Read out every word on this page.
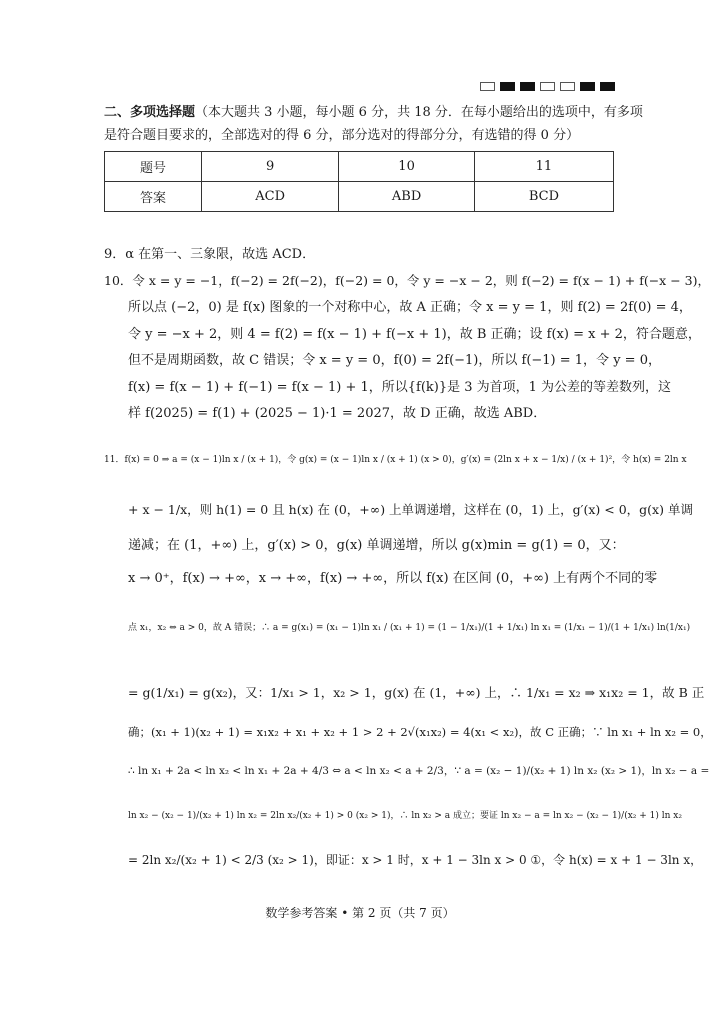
二、多项选择题（本大题共 3 小题，每小题 6 分，共 18 分．在每小题给出的选项中，有多项
是符合题目要求的，全部选对的得 6 分，部分选对的得部分分，有选错的得 0 分）
题号	9	10	11
答案	ACD	ABD	BCD
9．α 在第一、三象限，故选 ACD．
10．令 x = y = −1，f(−2) = 2f(−2)，f(−2) = 0，令 y = −x − 2，则 f(−2) = f(x − 1) + f(−x − 3)，
所以点 (−2，0) 是 f(x) 图象的一个对称中心，故 A 正确；令 x = y = 1，则 f(2) = 2f(0) = 4，
令 y = −x + 2，则 4 = f(2) = f(x − 1) + f(−x + 1)，故 B 正确；设 f(x) = x + 2，符合题意，
但不是周期函数，故 C 错误；令 x = y = 0，f(0) = 2f(−1)，所以 f(−1) = 1，令 y = 0，
f(x) = f(x − 1) + f(−1) = f(x − 1) + 1，所以{f(k)}是 3 为首项，1 为公差的等差数列，这
样 f(2025) = f(1) + (2025 − 1)·1 = 2027，故 D 正确，故选 ABD．
11．f(x) = 0 ⇒ a = (x − 1)ln x / (x + 1)，令 g(x) = (x − 1)ln x / (x + 1) (x > 0)，g′(x) = (2ln x + x − 1/x) / (x + 1)²，令 h(x) = 2ln x
+ x − 1/x，则 h(1) = 0 且 h(x) 在 (0，+∞) 上单调递增，这样在 (0，1) 上，g′(x) < 0，g(x) 单调
递减；在 (1，+∞) 上，g′(x) > 0，g(x) 单调递增，所以 g(x)min = g(1) = 0，又：
x → 0⁺，f(x) → +∞，x → +∞，f(x) → +∞，所以 f(x) 在区间 (0，+∞) 上有两个不同的零
点 x₁，x₂ ⇔ a > 0，故 A 错误；∴ a = g(x₁) = (x₁ − 1)ln x₁ / (x₁ + 1) = (1 − 1/x₁)/(1 + 1/x₁) ln x₁ = (1/x₁ − 1)/(1 + 1/x₁) ln(1/x₁)
= g(1/x₁) = g(x₂)，又：1/x₁ > 1，x₂ > 1，g(x) 在 (1，+∞) 上，∴ 1/x₁ = x₂ ⇒ x₁x₂ = 1，故 B 正
确；(x₁ + 1)(x₂ + 1) = x₁x₂ + x₁ + x₂ + 1 > 2 + 2√(x₁x₂) = 4(x₁ < x₂)，故 C 正确；∵ ln x₁ + ln x₂ = 0，
∴ ln x₁ + 2a < ln x₂ < ln x₁ + 2a + 4/3 ⇔ a < ln x₂ < a + 2/3，∵ a = (x₂ − 1)/(x₂ + 1) ln x₂ (x₂ > 1)，ln x₂ − a =
ln x₂ − (x₂ − 1)/(x₂ + 1) ln x₂ = 2ln x₂/(x₂ + 1) > 0 (x₂ > 1)，∴ ln x₂ > a 成立；要证 ln x₂ − a = ln x₂ − (x₂ − 1)/(x₂ + 1) ln x₂
= 2ln x₂/(x₂ + 1) < 2/3 (x₂ > 1)，即证：x > 1 时，x + 1 − 3ln x > 0 ①，令 h(x) = x + 1 − 3ln x，
数学参考答案 • 第 2 页（共 7 页）
